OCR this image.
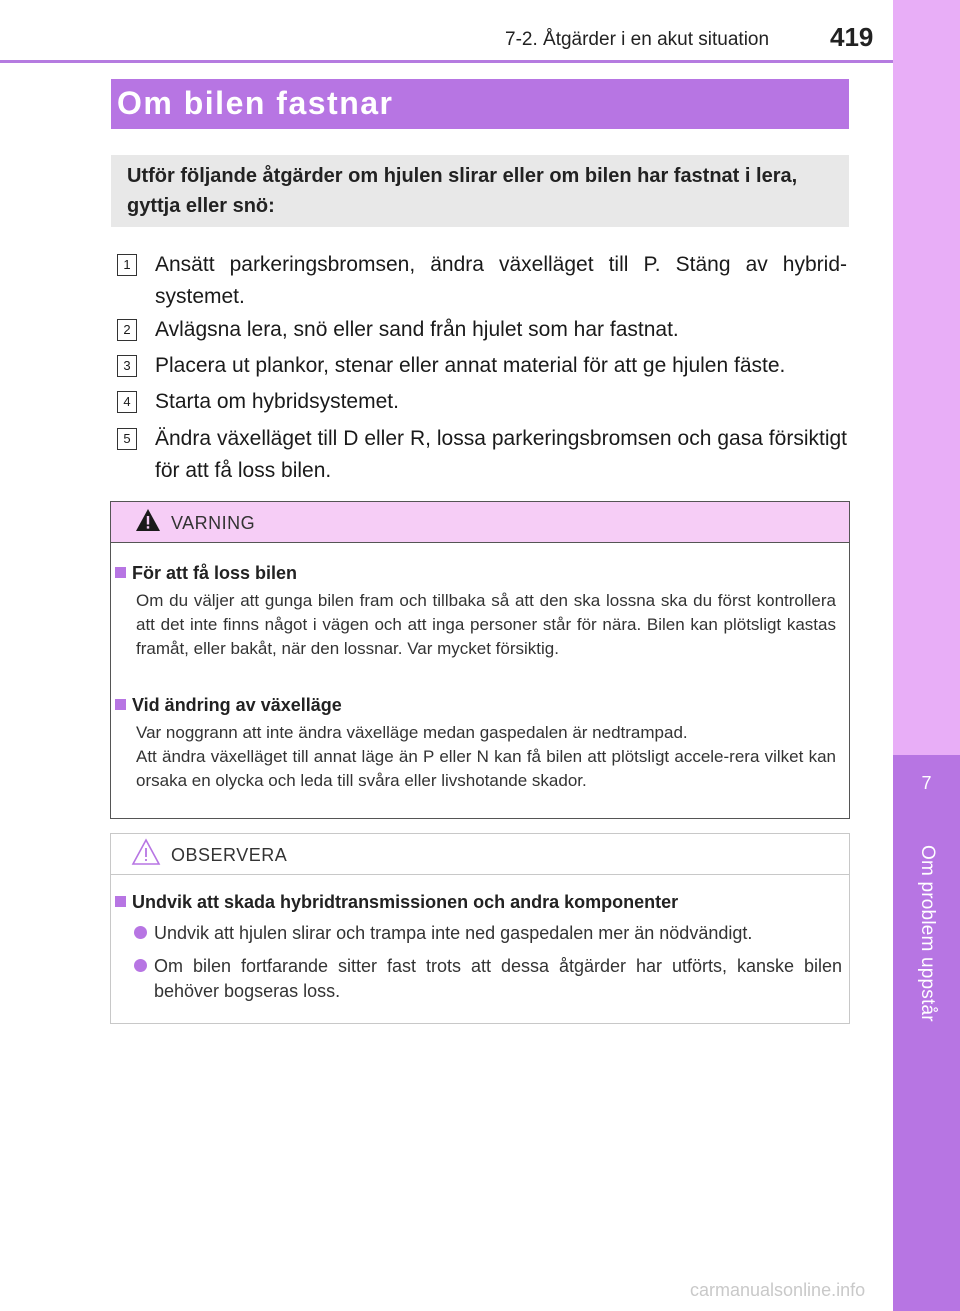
7-2. Åtgärder i en akut situation 419
7
Om problem uppstår
Om bilen fastnar
Utför följande åtgärder om hjulen slirar eller om bilen har fastnat i lera, gyttja eller snö:
1	Ansätt parkeringsbromsen, ändra växelläget till P. Stäng av hybrid-systemet.
2	Avlägsna lera, snö eller sand från hjulet som har fastnat.
3	Placera ut plankor, stenar eller annat material för att ge hjulen fäste.
4	Starta om hybridsystemet.
5	Ändra växelläget till D eller R, lossa parkeringsbromsen och gasa försiktigt för att få loss bilen.
VARNING
För att få loss bilen
Om du väljer att gunga bilen fram och tillbaka så att den ska lossna ska du först kontrollera att det inte finns något i vägen och att inga personer står för nära. Bilen kan plötsligt kastas framåt, eller bakåt, när den lossnar. Var mycket försiktig.
Vid ändring av växelläge
Var noggrann att inte ändra växelläge medan gaspedalen är nedtrampad.
Att ändra växelläget till annat läge än P eller N kan få bilen att plötsligt accele-rera vilket kan orsaka en olycka och leda till svåra eller livshotande skador.
OBSERVERA
Undvik att skada hybridtransmissionen och andra komponenter
Undvik att hjulen slirar och trampa inte ned gaspedalen mer än nödvändigt.
Om bilen fortfarande sitter fast trots att dessa åtgärder har utförts, kanske bilen behöver bogseras loss.
carmanualsonline.info
